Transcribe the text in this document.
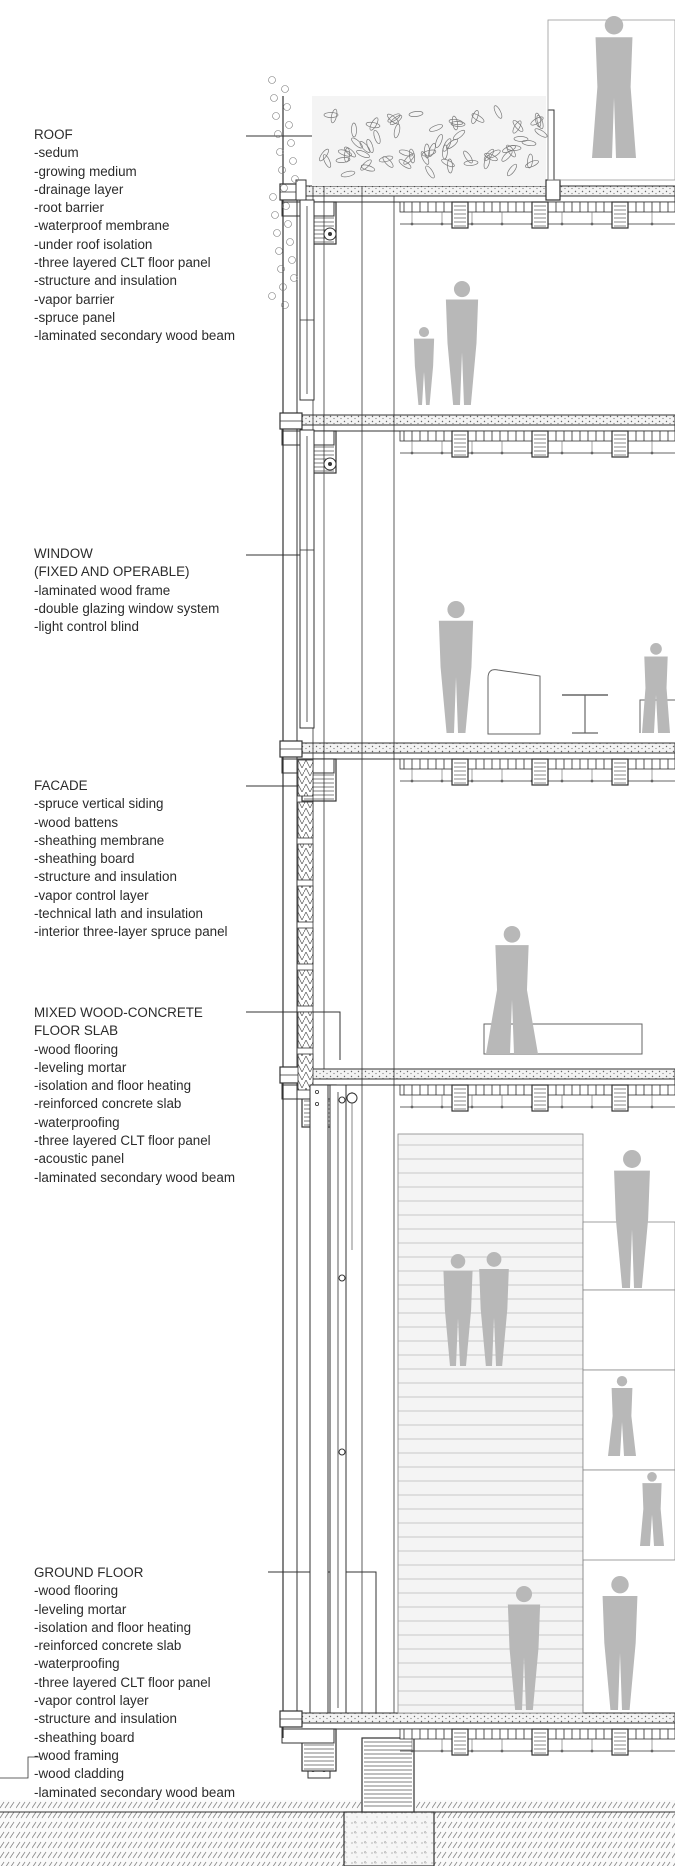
ROOF
-sedum
-growing medium
-drainage layer
-root barrier
-waterproof membrane
-under roof isolation
-three layered CLT floor panel
-structure and insulation
-vapor barrier
-spruce panel
-laminated secondary wood beam
WINDOW
(FIXED AND OPERABLE)
-laminated wood frame
-double glazing window system
-light control blind
FACADE
-spruce vertical siding
-wood battens
-sheathing membrane
-sheathing board
-structure and insulation
-vapor control layer
-technical lath and insulation
-interior three-layer spruce panel
MIXED WOOD-CONCRETE
FLOOR SLAB
-wood flooring
-leveling mortar
-isolation and floor heating
-reinforced concrete slab
-waterproofing
-three layered CLT floor panel
-acoustic panel
-laminated secondary wood beam
GROUND FLOOR
-wood flooring
-leveling mortar
-isolation and floor heating
-reinforced concrete slab
-waterproofing
-three layered CLT floor panel
-vapor control layer
-structure and insulation
-sheathing board
-wood framing
-wood cladding
-laminated secondary wood beam
